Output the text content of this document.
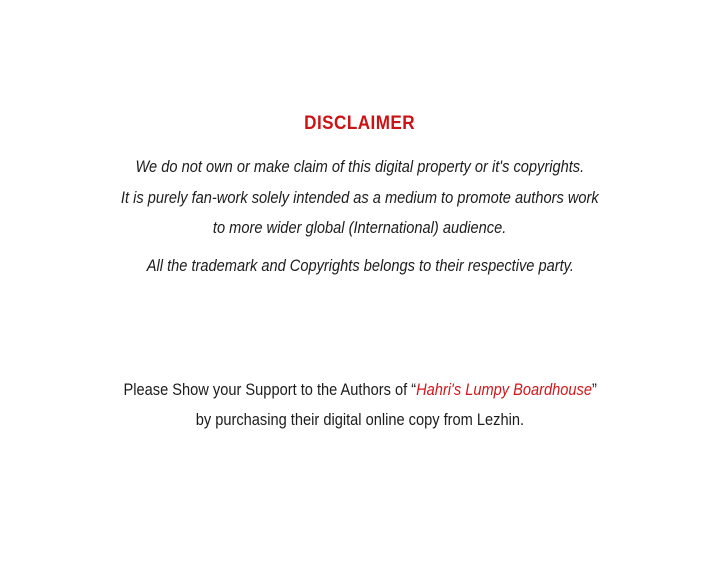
DISCLAIMER
We do not own or make claim of this digital property or it's copyrights.
It is purely fan-work solely intended as a medium to promote authors work
to more wider global (International) audience.
All the trademark and Copyrights belongs to their respective party.
Please Show your Support to the Authors of “Hahri's Lumpy Boardhouse”
by purchasing their digital online copy from Lezhin.
